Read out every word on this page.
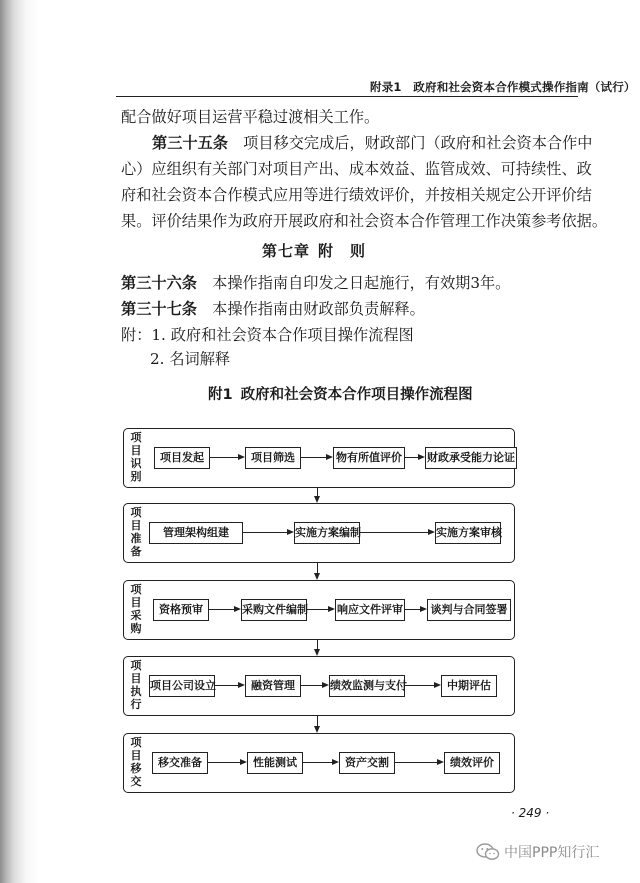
附录1　政府和社会资本合作模式操作指南（试行）
配合做好项目运营平稳过渡相关工作。
第三十五条　项目移交完成后，财政部门（政府和社会资本合作中
心）应组织有关部门对项目产出、成本效益、监管成效、可持续性、政
府和社会资本合作模式应用等进行绩效评价，并按相关规定公开评价结
果。评价结果作为政府开展政府和社会资本合作管理工作决策参考依据。
第七章 附　则
第三十六条　本操作指南自印发之日起施行，有效期3年。
第三十七条　本操作指南由财政部负责解释。
附：1. 政府和社会资本合作项目操作流程图
2. 名词解释
附1 政府和社会资本合作项目操作流程图
项目识别
项目发起	项目筛选	物有所值评价 财政承受能力论证
项目准备
管理架构组建	实施方案编制	实施方案审核
项目采购
资格预审	采购文件编制	响应文件评审	谈判与合同签署
项目执行
项目公司设立	融资管理	绩效监测与支付	中期评估
项目移交
移交准备	性能测试	资产交割	绩效评价
· 249 ·
中国PPP知行汇
